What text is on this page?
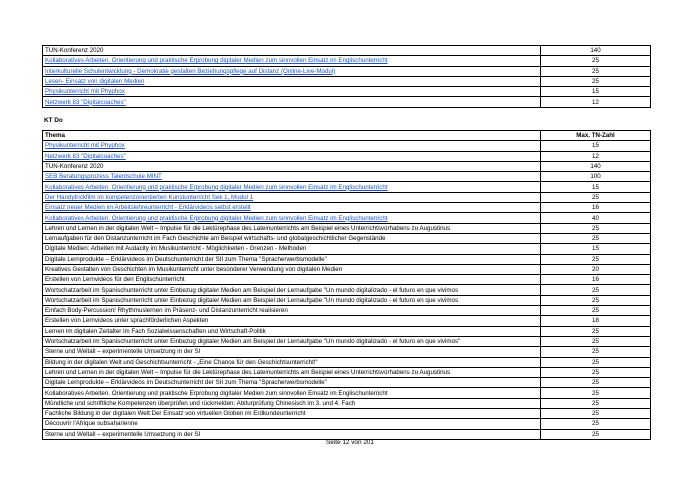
TUN-Konferenz 2020	140
Kollaboratives Arbeiten. Orientierung und praktische Erprobung digitaler Medien zum sinnvollen Einsatz im Englischunterricht	25
Interkulturelle Schulentwicklung - Demokratie gestalten Beziehungspflege auf Distanz (Online-Live-Modul)	25
Lesen- Einsatz von digitalen Medien	25
Physikunterricht mit Phyphox	15
Netzwerk 83 "Digitalcoaches"	12
KT Do
Thema	Max. TN-Zahl
Physikunterricht mit Phyphox	15
Netzwerk 83 "Digitalcoaches"	12
TUN-Konferenz 2020	140
SEB Beratungsprozess Talentschule MINT	100
Kollaboratives Arbeiten. Orientierung und praktische Erprobung digitaler Medien zum sinnvollen Einsatz im Englischunterricht	15
Der Handytrickfilm im kompetenzorientierten Kunstunterricht Sek 1, Modul 1	25
Einsatz neuer Medien im Arbeitslehreunterricht - Erklärvideos selbst erstellt	16
Kollaboratives Arbeiten. Orientierung und praktische Erprobung digitaler Medien zum sinnvollen Einsatz im Englischunterricht	40
Lehren und Lernen in der digitalen Welt – Impulse für die Lektürephase des Lateinunterrichts am Beispiel eines Unterrichtsvorhabens zu Augustinus	25
Lernaufgaben für den Distanzunterricht im Fach Geschichte am Beispiel wirtschafts- und globalgeschichtlicher Gegenstände	25
Digitale Medien: Arbeiten mit Audacity im Musikunterricht - Möglichkeiten - Grenzen - Methoden	15
Digitale Lernprodukte – Erklärvideos im Deutschunterricht der SII zum Thema "Spracherwerbsmodelle"	25
Kreatives Gestalten von Geschichten im Musikunterricht unter besonderer Verwendung von digitalen Medien	20
Erstellen von Lernvideos für den Englischunterricht	16
Wortschatzarbeit im Spanischunterricht unter Einbezug digitaler Medien am Beispiel der Lernaufgabe "Un mundo digitalizado - el futuro en que vivimos	25
Wortschatzarbeit im Spanischunterricht unter Einbezug digitaler Medien am Beispiel der Lernaufgabe "Un mundo digitalizado - el futuro en que vivimos	25
Einfach Body-Percussion! Rhythmuslernen im Präsenz- und Distanzunterricht realisieren	25
Erstellen von Lernvideos unter sprachförderlichen Aspekten	18
Lernen im digitalen Zeitalter im Fach Sozialwissenschaften und Wirtschaft-Politik	25
Wortschatzarbeit im Spanischunterricht unter Einbezug digitaler Medien am Beispiel der Lernaufgabe "Un mundo digitalizado - el futuro en que vivimos"	25
Sterne und Weltall – experimentelle Umsetzung in der SI	25
Bildung in der digitalen Welt und Geschichtsunterricht - „Eine Chance für den Geschichtsunterricht!“	25
Lehren und Lernen in der digitalen Welt – Impulse für die Lektürephase des Lateinunterrichts am Beispiel eines Unterrichtsvorhabens zu Augustinus	25
Digitale Lernprodukte – Erklärvideos im Deutschunterricht der SII zum Thema "Spracherwerbsmodelle"	25
Kollaboratives Arbeiten. Orientierung und praktische Erprobung digitaler Medien zum sinnvollen Einsatz im Englischunterricht	25
Mündliche und schriftliche Kompetenzen überprüfen und rückmelden: Abiturprüfung Chinesisch im 3. und 4. Fach	25
Fachliche Bildung in der digitalen Welt:Der Einsatz von virtuellen Globen im Erdkundeunterricht	25
Découvrir l'Afrique subsaharienne	25
Sterne und Weltall – experimentelle Umsetzung in der SI	25
Seite 12 von 201
